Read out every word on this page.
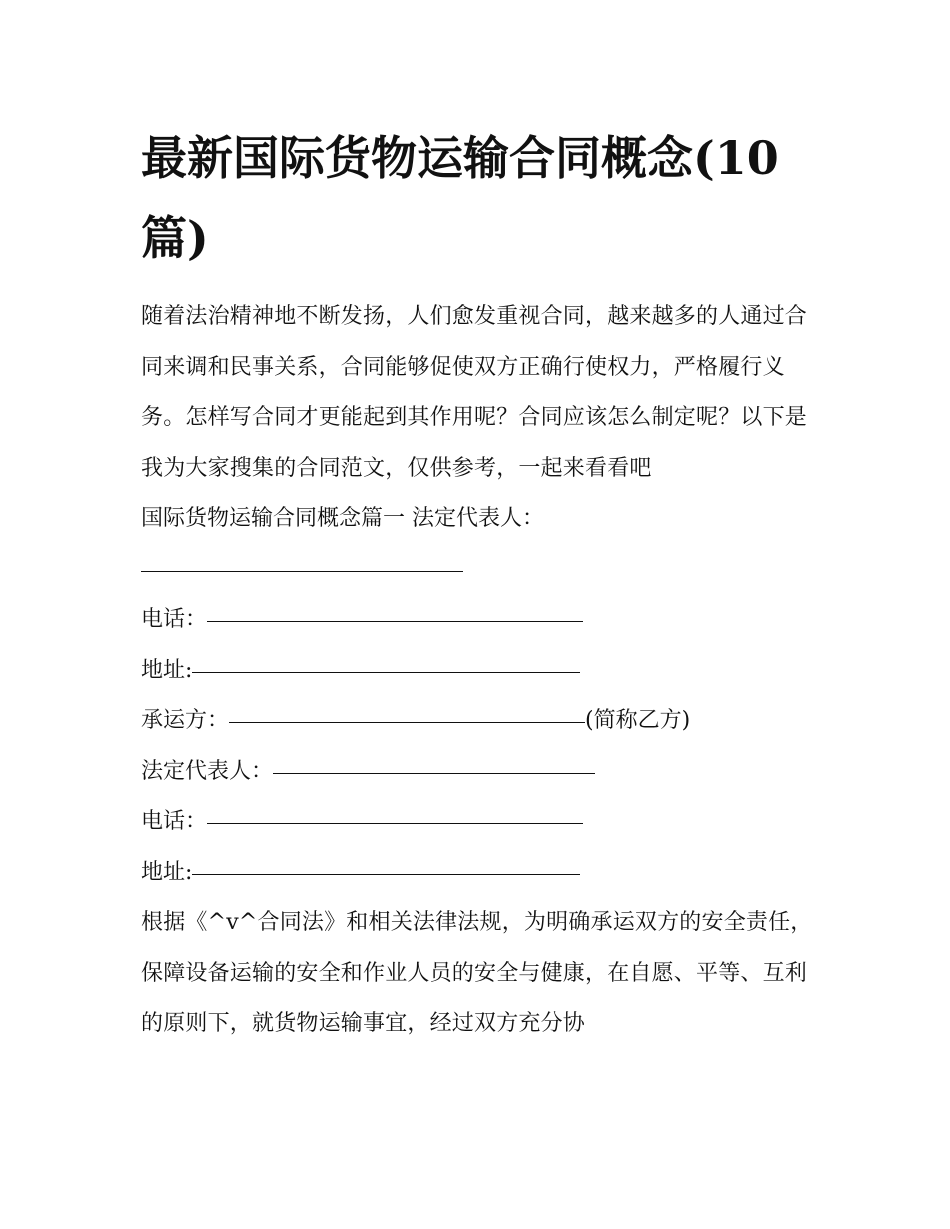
最新国际货物运输合同概念(10篇)
随着法治精神地不断发扬，人们愈发重视合同，越来越多的人通过合同来调和民事关系，合同能够促使双方正确行使权力，严格履行义务。怎样写合同才更能起到其作用呢？合同应该怎么制定呢？以下是我为大家搜集的合同范文，仅供参考，一起来看看吧
国际货物运输合同概念篇一 法定代表人：
电话：
地址:
承运方：	(简称乙方)
法定代表人：
电话：
地址:
根据《^v^合同法》和相关法律法规，为明确承运双方的安全责任，保障设备运输的安全和作业人员的安全与健康，在自愿、平等、互利的原则下，就货物运输事宜，经过双方充分协
